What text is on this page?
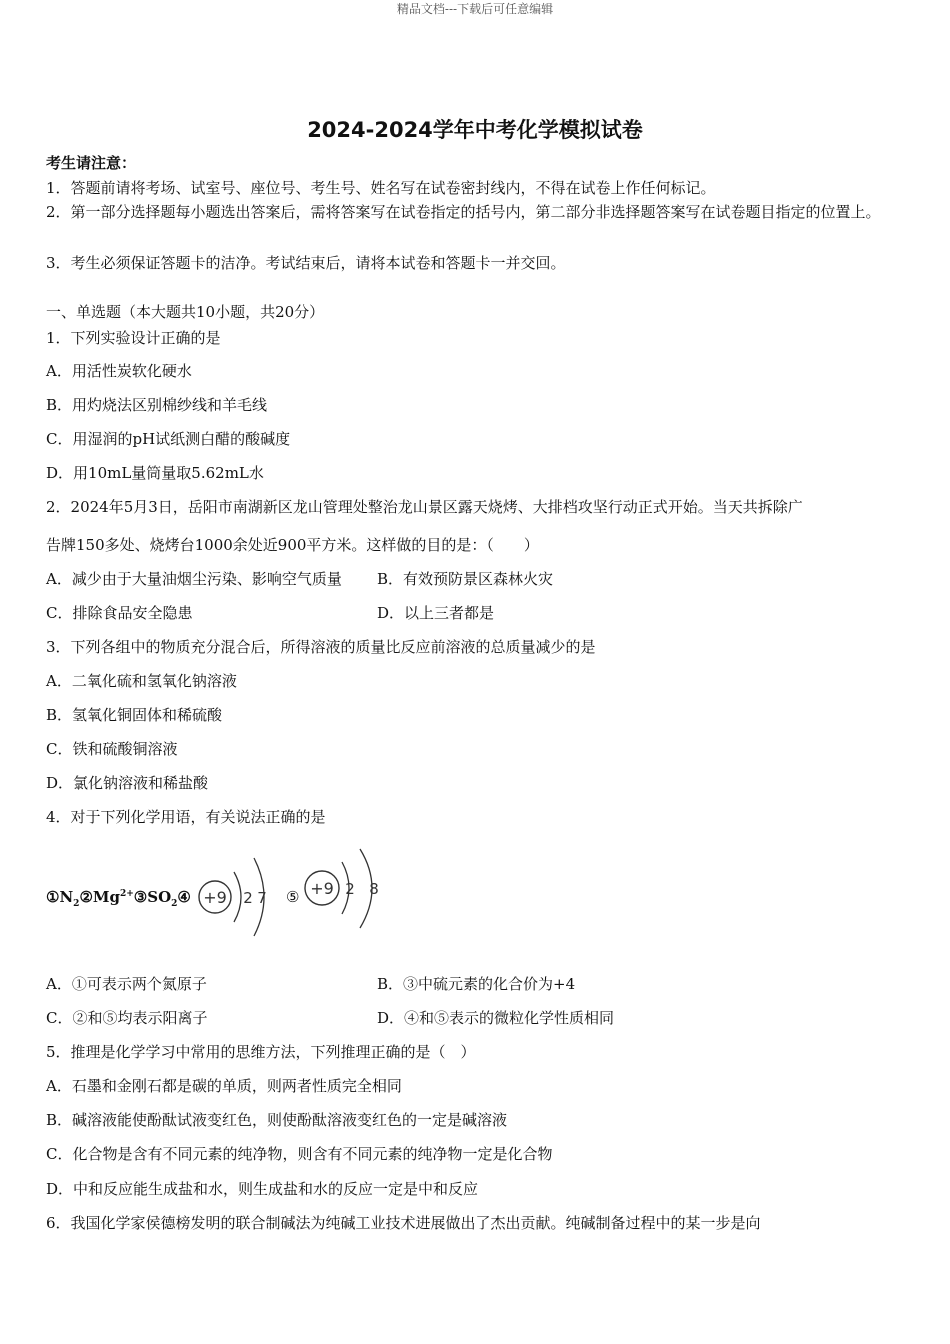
精品文档---下载后可任意编辑
2024-2024学年中考化学模拟试卷
考生请注意：
1．答题前请将考场、试室号、座位号、考生号、姓名写在试卷密封线内，不得在试卷上作任何标记。
2．第一部分选择题每小题选出答案后，需将答案写在试卷指定的括号内，第二部分非选择题答案写在试卷题目指定的位置上。
3．考生必须保证答题卡的洁净。考试结束后，请将本试卷和答题卡一并交回。
一、单选题（本大题共10小题，共20分）
1．下列实验设计正确的是
A．用活性炭软化硬水
B．用灼烧法区别棉纱线和羊毛线
C．用湿润的pH试纸测白醋的酸碱度
D．用10mL量筒量取5.62mL水
2．2024年5月3日，岳阳市南湖新区龙山管理处整治龙山景区露天烧烤、大排档攻坚行动正式开始。当天共拆除广
告牌150多处、烧烤台1000余处近900平方米。这样做的目的是：（　　）
A．减少由于大量油烟尘污染、影响空气质量 B．有效预防景区森林火灾
C．排除食品安全隐患	D．以上三者都是
3．下列各组中的物质充分混合后，所得溶液的质量比反应前溶液的总质量减少的是
A．二氧化硫和氢氧化钠溶液
B．氢氧化铜固体和稀硫酸
C．铁和硫酸铜溶液
D．氯化钠溶液和稀盐酸
4．对于下列化学用语，有关说法正确的是
$①N_2②Mg^{2+}③SO_2④$	⑤
+9 2 7	+9 2 8
A．①可表示两个氮原子	B．③中硫元素的化合价为+4
C．②和⑤均表示阳离子	D．④和⑤表示的微粒化学性质相同
5．推理是化学学习中常用的思维方法，下列推理正确的是（　）
A．石墨和金刚石都是碳的单质，则两者性质完全相同
B．碱溶液能使酚酞试液变红色，则使酚酞溶液变红色的一定是碱溶液
C．化合物是含有不同元素的纯净物，则含有不同元素的纯净物一定是化合物
D．中和反应能生成盐和水，则生成盐和水的反应一定是中和反应
6．我国化学家侯德榜发明的联合制碱法为纯碱工业技术进展做出了杰出贡献。纯碱制备过程中的某一步是向
